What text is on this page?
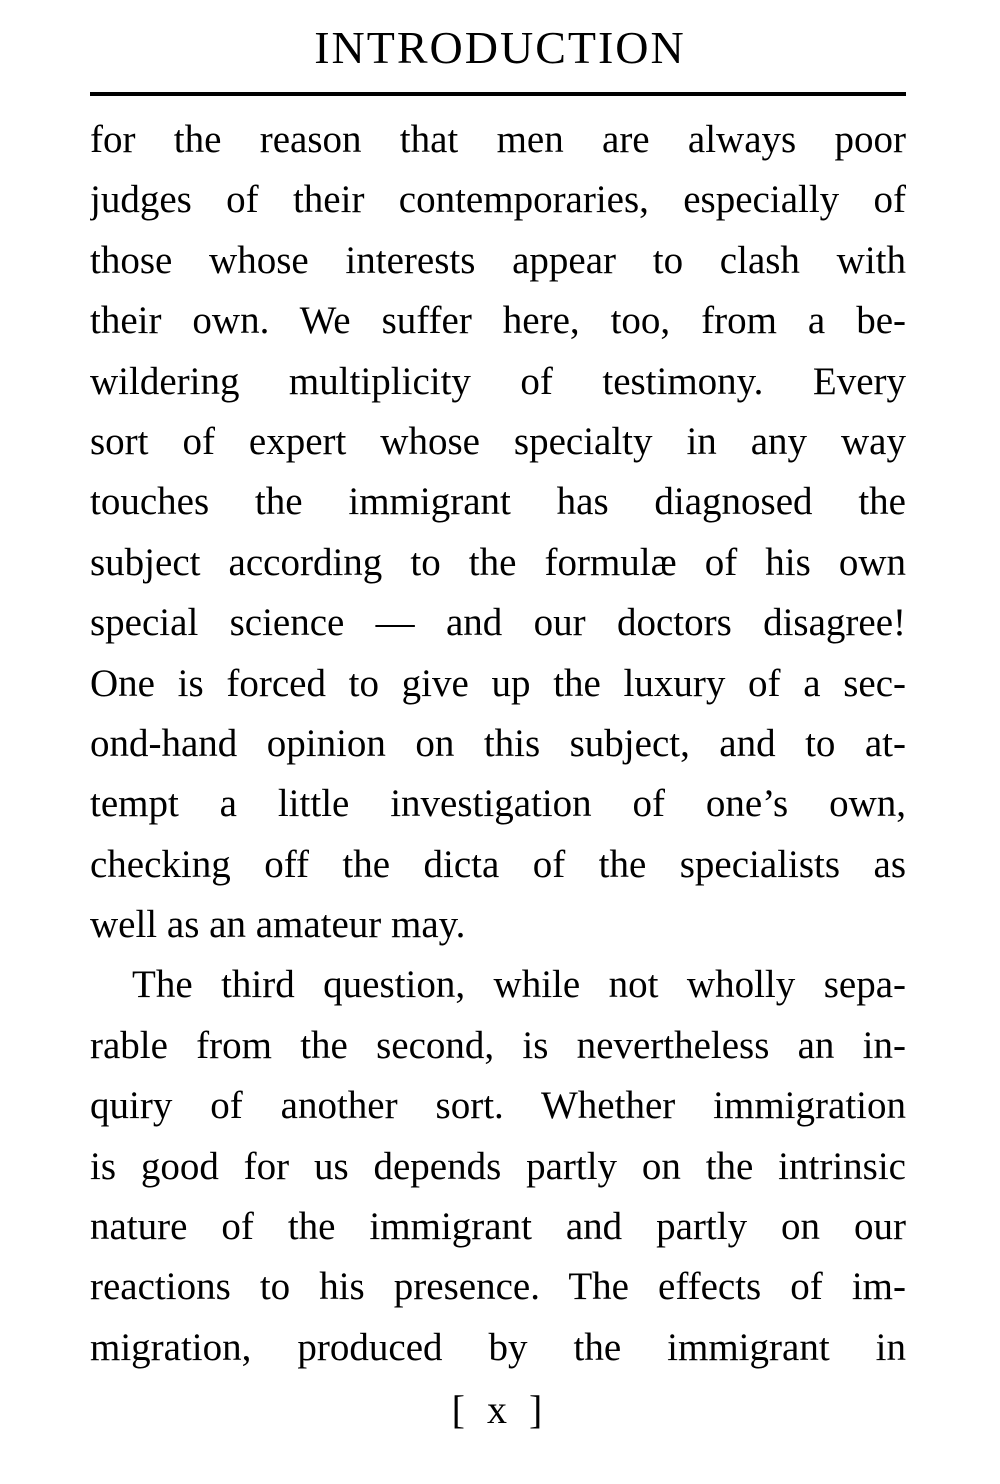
INTRODUCTION
for the reason that men are always poor
judges of their contemporaries, especially of
those whose interests appear to clash with
their own. We suffer here, too, from a be-
wildering multiplicity of testimony. Every
sort of expert whose specialty in any way
touches the immigrant has diagnosed the
subject according to the formulæ of his own
special science — and our doctors disagree!
One is forced to give up the luxury of a sec-
ond-hand opinion on this subject, and to at-
tempt a little investigation of one’s own,
checking off the dicta of the specialists as
well as an amateur may.
The third question, while not wholly sepa-
rable from the second, is nevertheless an in-
quiry of another sort. Whether immigration
is good for us depends partly on the intrinsic
nature of the immigrant and partly on our
reactions to his presence. The effects of im-
migration, produced by the immigrant in
[ x ]
